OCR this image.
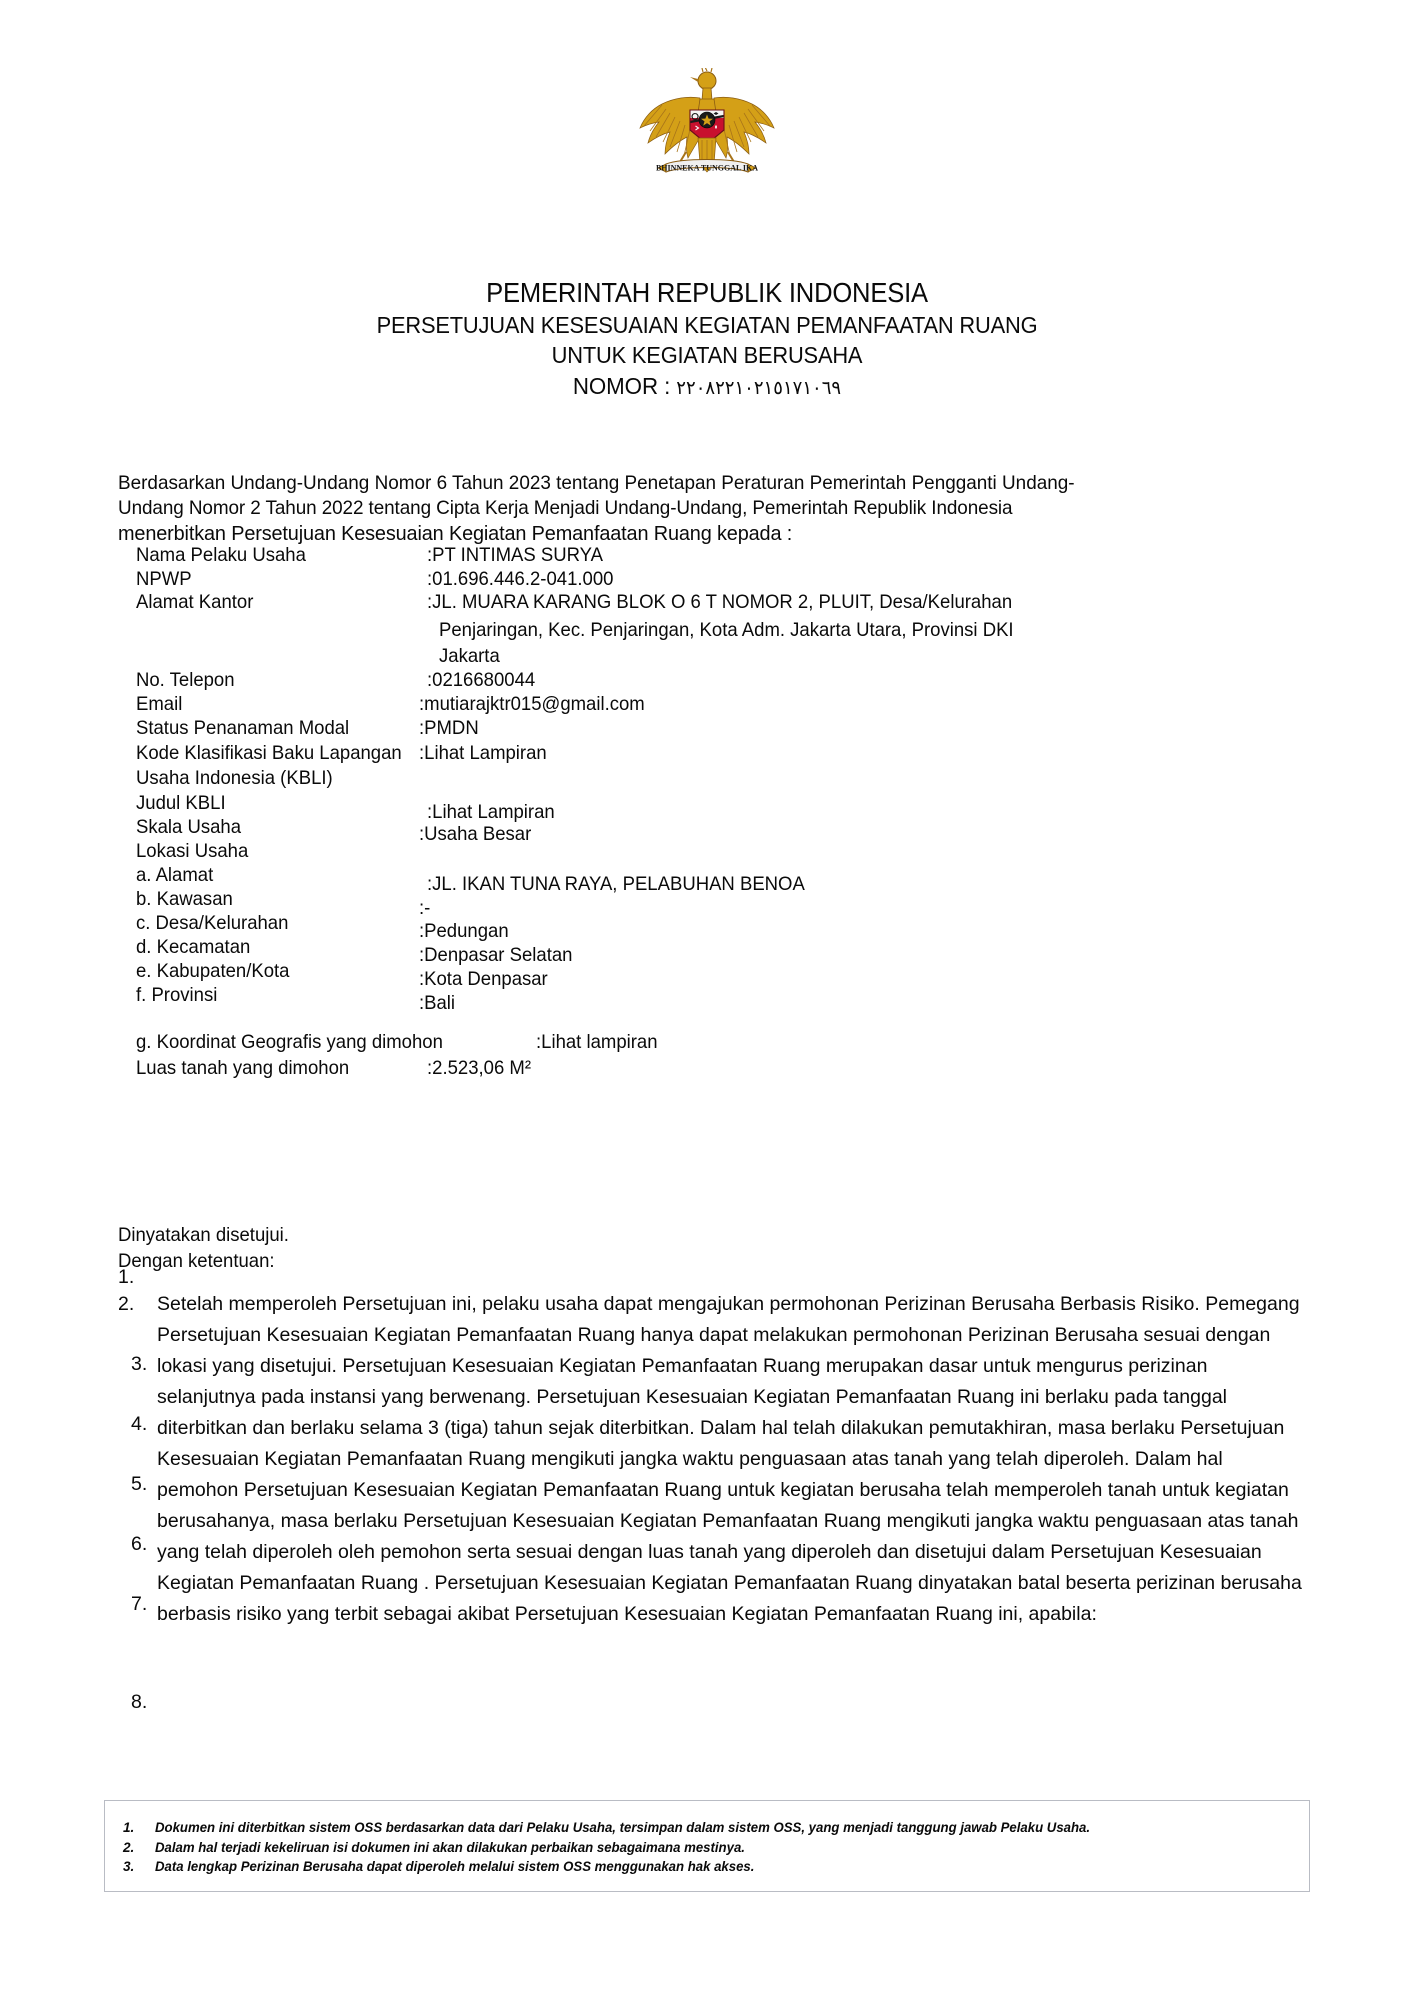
BHINNEKA TUNGGAL IKA
PEMERINTAH REPUBLIK INDONESIA
PERSETUJUAN KESESUAIAN KEGIATAN PEMANFAATAN RUANG
UNTUK KEGIATAN BERUSAHA
NOMOR : ٢٢٠٨٢٢١٠٢١٥١٧١٠٦٩

Berdasarkan Undang-Undang Nomor 6 Tahun 2023 tentang Penetapan Peraturan Pemerintah Pengganti Undang-

Undang Nomor 2 Tahun 2022 tentang Cipta Kerja Menjadi Undang-Undang, Pemerintah Republik Indonesia

menerbitkan Persetujuan Kesesuaian Kegiatan Pemanfaatan Ruang kepada :

Nama Pelaku Usaha	:PT INTIMAS SURYA
NPWP	:01.696.446.2-041.000
Alamat Kantor	:JL. MUARA KARANG BLOK O 6 T NOMOR 2, PLUIT, Desa/Kelurahan
Penjaringan, Kec. Penjaringan, Kota Adm. Jakarta Utara, Provinsi DKI
Jakarta
No. Telepon	:0216680044
Email	:mutiarajktr015@gmail.com
Status Penanaman Modal	:PMDN
Kode Klasifikasi Baku Lapangan :Lihat Lampiran
Usaha Indonesia (KBLI)
Judul KBLI	:Lihat Lampiran
Skala Usaha	:Usaha Besar
Lokasi Usaha
a. Alamat	:JL. IKAN TUNA RAYA, PELABUHAN BENOA
b. Kawasan	:-
c. Desa/Kelurahan	:Pedungan
d. Kecamatan	:Denpasar Selatan
e. Kabupaten/Kota	:Kota Denpasar
f. Provinsi	:Bali
g. Koordinat Geografis yang dimohon	:Lihat lampiran
Luas tanah yang dimohon	:2.523,06 M²
Dinyatakan disetujui.
Dengan ketentuan:
1.
2.
3.
4.
5.
6.
7.
8.

Setelah memperoleh Persetujuan ini, pelaku usaha dapat mengajukan permohonan Perizinan Berusaha Berbasis Risiko. Pemegang Persetujuan Kesesuaian Kegiatan Pemanfaatan Ruang hanya dapat melakukan permohonan Perizinan Berusaha sesuai dengan lokasi yang disetujui. Persetujuan Kesesuaian Kegiatan Pemanfaatan Ruang merupakan dasar untuk mengurus perizinan selanjutnya pada instansi yang berwenang. Persetujuan Kesesuaian Kegiatan Pemanfaatan Ruang ini berlaku pada tanggal diterbitkan dan berlaku selama 3 (tiga) tahun sejak diterbitkan. Dalam hal telah dilakukan pemutakhiran, masa berlaku Persetujuan Kesesuaian Kegiatan Pemanfaatan Ruang mengikuti jangka waktu penguasaan atas tanah yang telah diperoleh. Dalam hal pemohon Persetujuan Kesesuaian Kegiatan Pemanfaatan Ruang untuk kegiatan berusaha telah memperoleh tanah untuk kegiatan berusahanya, masa berlaku Persetujuan Kesesuaian Kegiatan Pemanfaatan Ruang mengikuti jangka waktu penguasaan atas tanah yang telah diperoleh oleh pemohon serta sesuai dengan luas tanah yang diperoleh dan disetujui dalam Persetujuan Kesesuaian Kegiatan Pemanfaatan Ruang . Persetujuan Kesesuaian Kegiatan Pemanfaatan Ruang dinyatakan batal beserta perizinan berusaha berbasis risiko yang terbit sebagai akibat Persetujuan Kesesuaian Kegiatan Pemanfaatan Ruang ini, apabila:

1. Dokumen ini diterbitkan sistem OSS berdasarkan data dari Pelaku Usaha, tersimpan dalam sistem OSS, yang menjadi tanggung jawab Pelaku Usaha.
2. Dalam hal terjadi kekeliruan isi dokumen ini akan dilakukan perbaikan sebagaimana mestinya.
3. Data lengkap Perizinan Berusaha dapat diperoleh melalui sistem OSS menggunakan hak akses.
